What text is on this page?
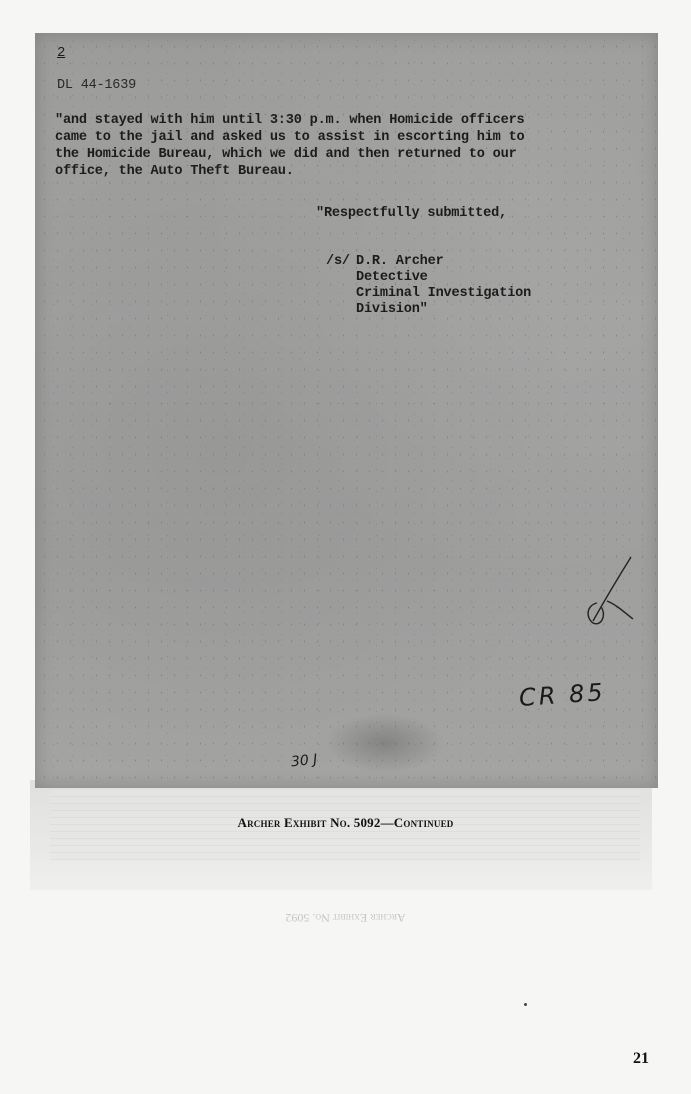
2
DL 44-1639
"and stayed with him until 3:30 p.m. when Homicide officers
came to the jail and asked us to assist in escorting him to
the Homicide Bureau, which we did and then returned to our
office, the Auto Theft Bureau.
"Respectfully submitted,
/s/ D.R. Archer
Detective
Criminal Investigation
Division"
CR 85
30 J
Archer Exhibit No. 5092—Continued
Archer Exhibit No. 5092
21
